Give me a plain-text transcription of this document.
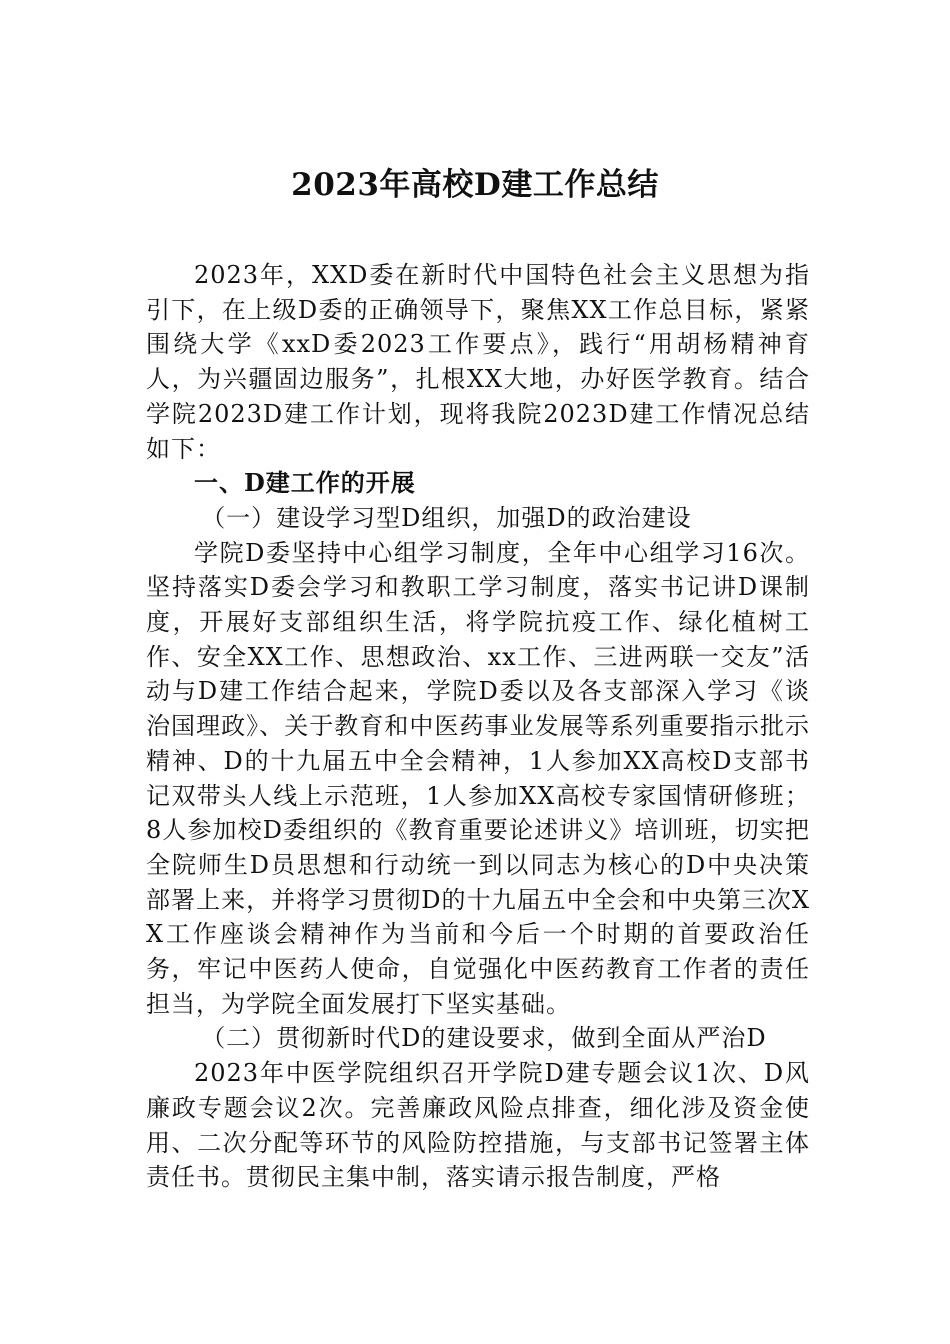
2023年高校D建工作总结

2023年，XXD委在新时代中国特色社会主义思想为指引下，在上级D委的正确领导下，聚焦XX工作总目标，紧紧围绕大学《xxD委2023工作要点》，践行“用胡杨精神育人，为兴疆固边服务”，扎根XX大地，办好医学教育。结合学院2023D建工作计划，现将我院2023D建工作情况总结如下：

一、D建工作的开展

（一）建设学习型D组织，加强D的政治建设

学院D委坚持中心组学习制度，全年中心组学习16次。坚持落实D委会学习和教职工学习制度，落实书记讲D课制度，开展好支部组织生活，将学院抗疫工作、绿化植树工作、安全XX工作、思想政治、xx工作、三进两联一交友”活动与D建工作结合起来，学院D委以及各支部深入学习《谈治国理政》、关于教育和中医药事业发展等系列重要指示批示精神、D的十九届五中全会精神，1人参加XX高校D支部书记双带头人线上示范班，1人参加XX高校专家国情研修班；8人参加校D委组织的《教育重要论述讲义》培训班，切实把全院师生D员思想和行动统一到以同志为核心的D中央决策部署上来，并将学习贯彻D的十九届五中全会和中央第三次XX工作座谈会精神作为当前和今后一个时期的首要政治任务，牢记中医药人使命，自觉强化中医药教育工作者的责任担当，为学院全面发展打下坚实基础。

（二）贯彻新时代D的建设要求，做到全面从严治D

2023年中医学院组织召开学院D建专题会议1次、D风廉政专题会议2次。完善廉政风险点排查，细化涉及资金使用、二次分配等环节的风险防控措施，与支部书记签署主体责任书。贯彻民主集中制，落实请示报告制度，严格
